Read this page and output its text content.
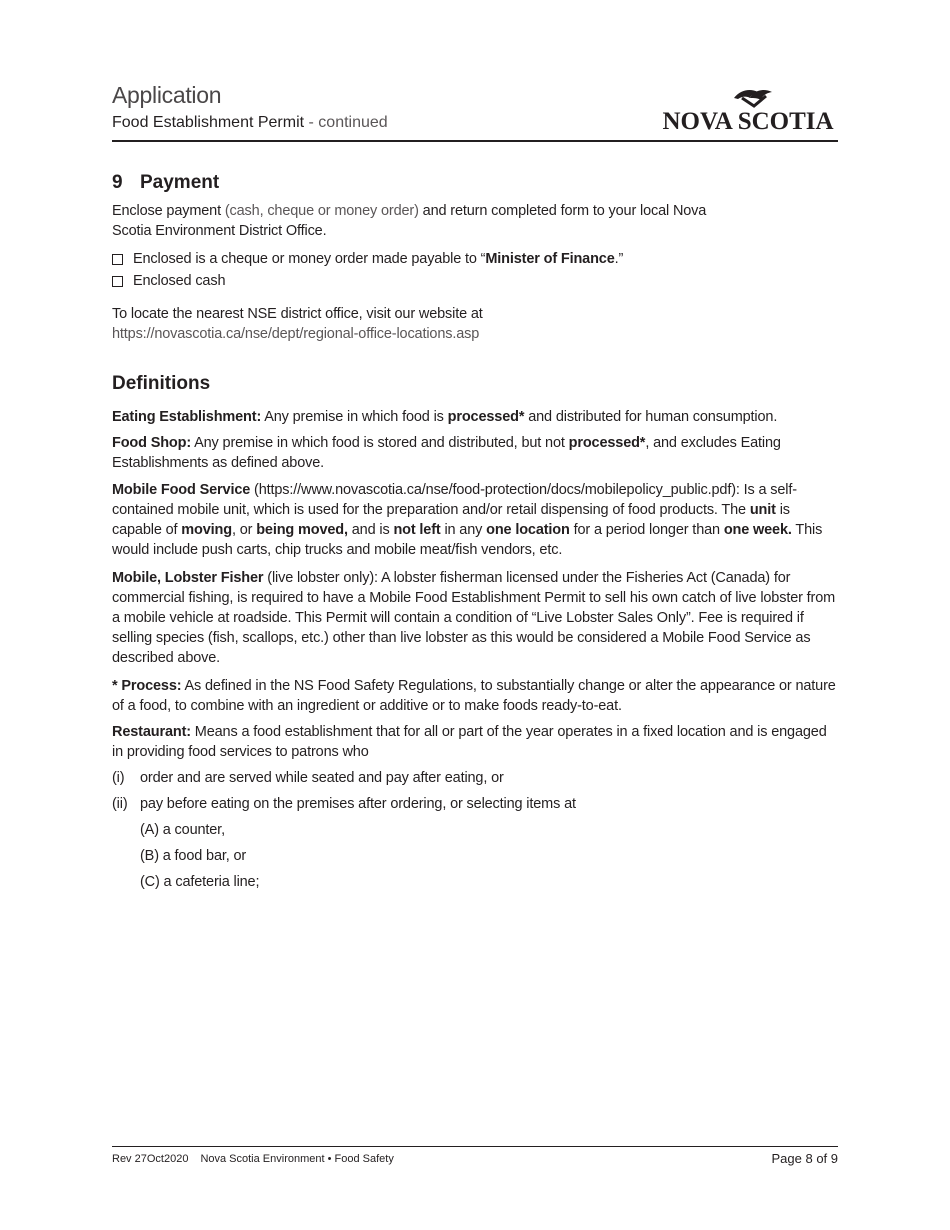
Application
Food Establishment Permit - continued	NOVA SCOTIA
9 Payment
Enclose payment (cash, cheque or money order) and return completed form to your local Nova Scotia Environment District Office.
Enclosed is a cheque or money order made payable to “Minister of Finance.”
Enclosed cash
To locate the nearest NSE district office, visit our website at
https://novascotia.ca/nse/dept/regional-office-locations.asp
Definitions
Eating Establishment: Any premise in which food is processed* and distributed for human consumption.
Food Shop: Any premise in which food is stored and distributed, but not processed*, and excludes Eating Establishments as defined above.
Mobile Food Service (https://www.novascotia.ca/nse/food-protection/docs/mobilepolicy_public.pdf): Is a self-contained mobile unit, which is used for the preparation and/or retail dispensing of food products. The unit is capable of moving, or being moved, and is not left in any one location for a period longer than one week. This would include push carts, chip trucks and mobile meat/fish vendors, etc.
Mobile, Lobster Fisher (live lobster only): A lobster fisherman licensed under the Fisheries Act (Canada) for commercial fishing, is required to have a Mobile Food Establishment Permit to sell his own catch of live lobster from a mobile vehicle at roadside. This Permit will contain a condition of “Live Lobster Sales Only”. Fee is required if selling species (fish, scallops, etc.) other than live lobster as this would be considered a Mobile Food Service as described above.
* Process: As defined in the NS Food Safety Regulations, to substantially change or alter the appearance or nature of a food, to combine with an ingredient or additive or to make foods ready-to-eat.
Restaurant: Means a food establishment that for all or part of the year operates in a fixed location and is engaged in providing food services to patrons who
(i) order and are served while seated and pay after eating, or
(ii) pay before eating on the premises after ordering, or selecting items at
(A) a counter,
(B) a food bar, or
(C) a cafeteria line;
Rev 27Oct2020 Nova Scotia Environment • Food Safety	Page 8 of 9
